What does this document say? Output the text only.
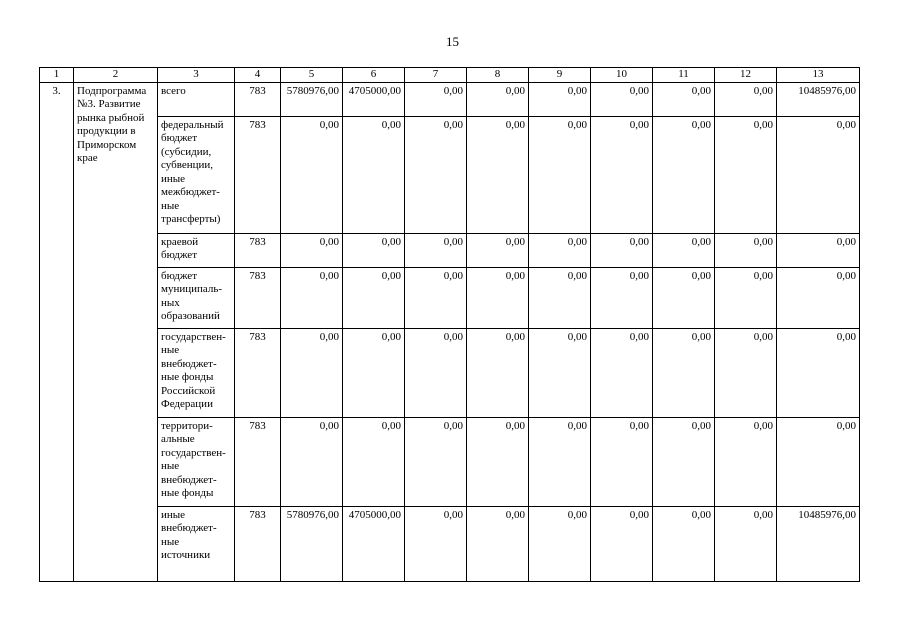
15
1	2	3	4	5	6	7	8	9	10	11	12	13
3.	Подпрограмма №3. Развитие рынка рыбной продукции в Приморском крае	всего	783	5780976,00	4705000,00	0,00	0,00	0,00	0,00	0,00	0,00	10485976,00
		федеральный бюджет (субсидии, субвенции, иные межбюджет-ные трансферты)	783	0,00	0,00	0,00	0,00	0,00	0,00	0,00	0,00	0,00
		краевой бюджет	783	0,00	0,00	0,00	0,00	0,00	0,00	0,00	0,00	0,00
		бюджет муниципаль-ных образований	783	0,00	0,00	0,00	0,00	0,00	0,00	0,00	0,00	0,00
		государствен-ные внебюджет-ные фонды Российской Федерации	783	0,00	0,00	0,00	0,00	0,00	0,00	0,00	0,00	0,00
		территори-альные государствен-ные внебюджет-ные фонды	783	0,00	0,00	0,00	0,00	0,00	0,00	0,00	0,00	0,00
		иные внебюджет-ные источники	783	5780976,00	4705000,00	0,00	0,00	0,00	0,00	0,00	0,00	10485976,00
